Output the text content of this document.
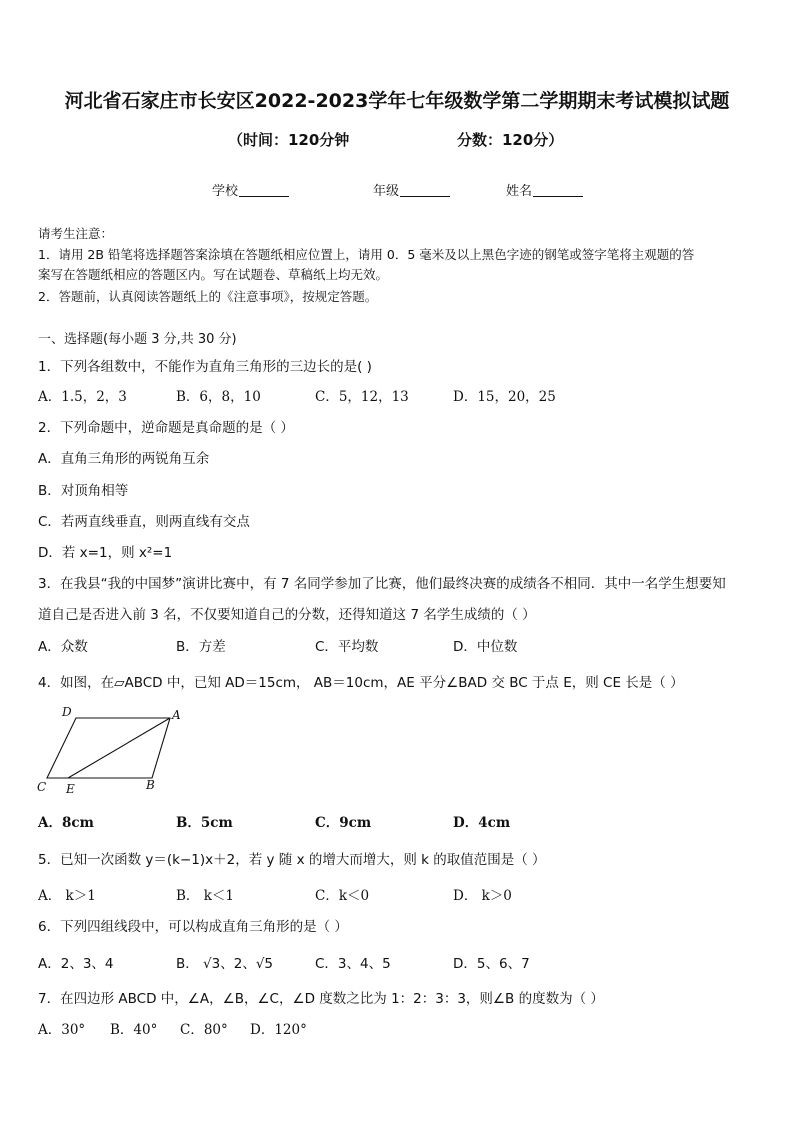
河北省石家庄市长安区2022-2023学年七年级数学第二学期期末考试模拟试题
（时间：120分钟	分数：120分）
学校	年级	姓名
请考生注意：
1．请用 2B 铅笔将选择题答案涂填在答题纸相应位置上，请用 0．5 毫米及以上黑色字迹的钢笔或签字笔将主观题的答
案写在答题纸相应的答题区内。写在试题卷、草稿纸上均无效。
2．答题前，认真阅读答题纸上的《注意事项》，按规定答题。
一、选择题(每小题 3 分,共 30 分)
1．下列各组数中，不能作为直角三角形的三边长的是( )
A．1.5，2，3	B．6，8，10	C．5，12，13	D．15，20，25
2．下列命题中，逆命题是真命题的是（ ）
A．直角三角形的两锐角互余
B．对顶角相等
C．若两直线垂直，则两直线有交点
D．若 x=1，则 x²=1
3．在我县“我的中国梦”演讲比赛中，有 7 名同学参加了比赛，他们最终决赛的成绩各不相同．其中一名学生想要知
道自己是否进入前 3 名，不仅要知道自己的分数，还得知道这 7 名学生成绩的（ ）
A．众数	B．方差	C．平均数	D．中位数
4．如图，在▱ABCD 中，已知 AD＝15cm， AB＝10cm，AE 平分∠BAD 交 BC 于点 E，则 CE 长是（ ）
D	A
C E	B
A．8cm	B．5cm	C．9cm	D．4cm
5．已知一次函数 y＝(k−1)x＋2，若 y 随 x 的增大而增大，则 k 的取值范围是（ ）
A． k＞1	B． k＜1	C．k＜0	D． k＞0
6．下列四组线段中，可以构成直角三角形的是（ ）
A．2、3、4	B． √3、2、√5	C．3、4、5	D．5、6、7
7．在四边形 ABCD 中，∠A，∠B，∠C，∠D 度数之比为 1：2：3：3，则∠B 的度数为（ ）
A．30° B．40° C．80° D．120°
